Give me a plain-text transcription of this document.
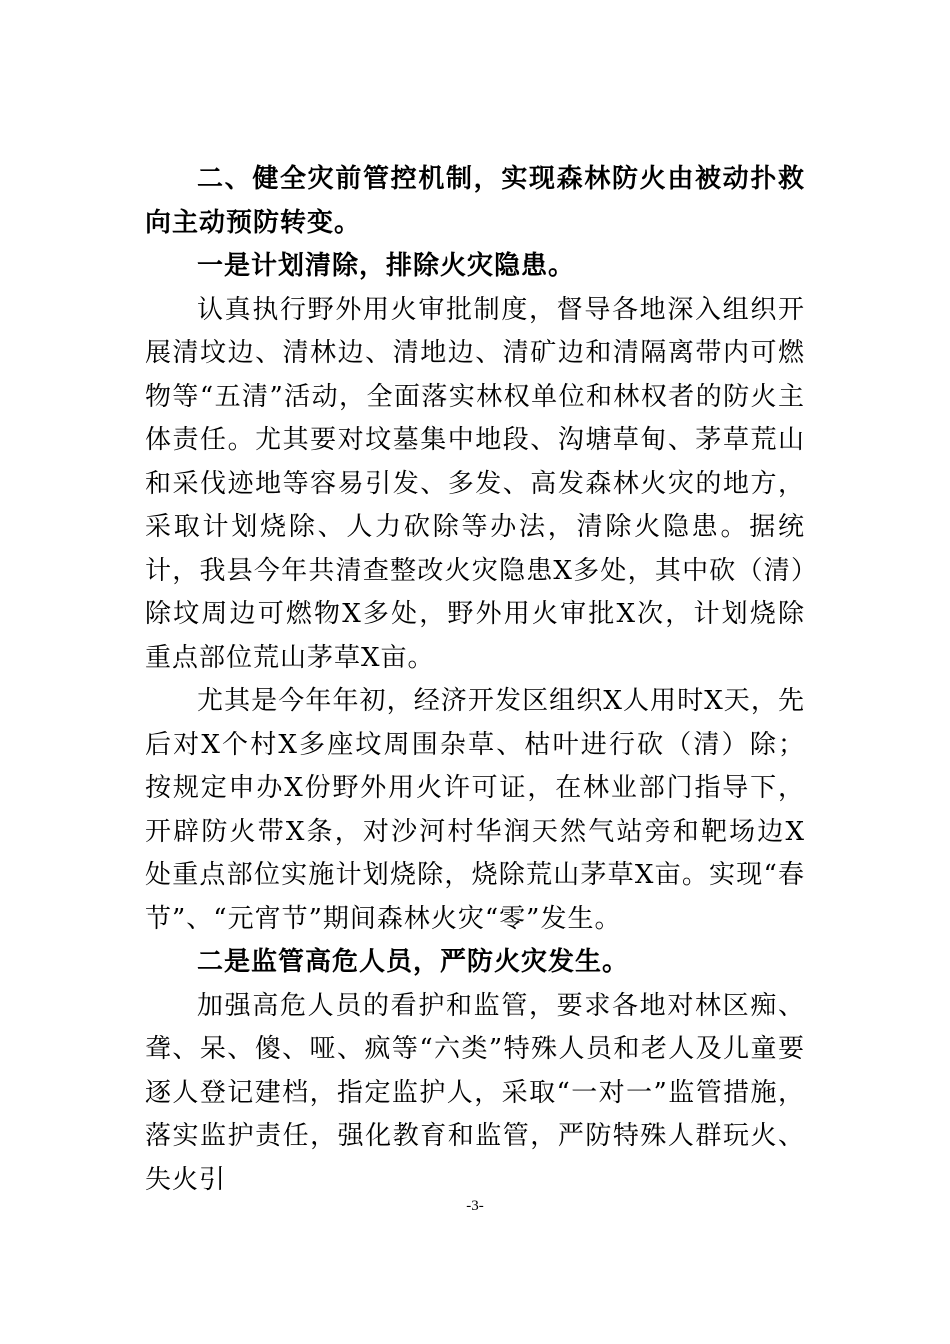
二、健全灾前管控机制，实现森林防火由被动扑救向主动预防转变。

一是计划清除，排除火灾隐患。

认真执行野外用火审批制度，督导各地深入组织开展清坟边、清林边、清地边、清矿边和清隔离带内可燃物等“五清”活动，全面落实林权单位和林权者的防火主体责任。尤其要对坟墓集中地段、沟塘草甸、茅草荒山和采伐迹地等容易引发、多发、高发森林火灾的地方，采取计划烧除、人力砍除等办法，清除火隐患。据统计，我县今年共清查整改火灾隐患X多处，其中砍（清）除坟周边可燃物X多处，野外用火审批X次，计划烧除重点部位荒山茅草X亩。

尤其是今年年初，经济开发区组织X人用时X天，先后对X个村X多座坟周围杂草、枯叶进行砍（清）除；按规定申办X份野外用火许可证，在林业部门指导下，开辟防火带X条，对沙河村华润天然气站旁和靶场边X处重点部位实施计划烧除，烧除荒山茅草X亩。实现“春节”、“元宵节”期间森林火灾“零”发生。

二是监管高危人员，严防火灾发生。

加强高危人员的看护和监管，要求各地对林区痴、聋、呆、傻、哑、疯等“六类”特殊人员和老人及儿童要逐人登记建档，指定监护人，采取“一对一”监管措施，落实监护责任，强化教育和监管，严防特殊人群玩火、失火引

-3-
